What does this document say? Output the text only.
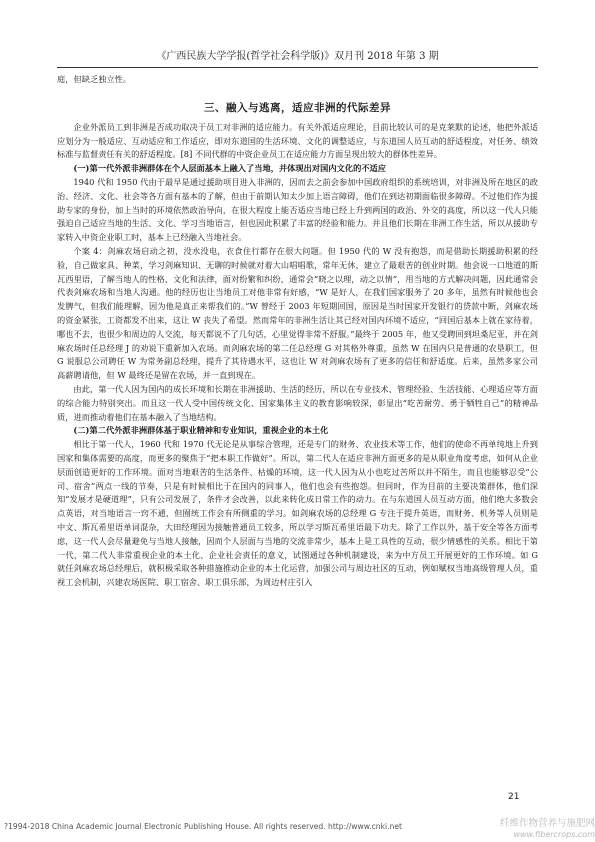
《广西民族大学学报(哲学社会科学版)》双月刊 2018 年第 3 期

庭，但缺乏独立性。

三、融入与逃离，适应非洲的代际差异

企业外派员工到非洲是否成功取决于员工对非洲的适应能力。有关外派适应理论，目前比较认可的是克莱默的论述，他把外派适应划分为一般适应、互动适应和工作适应，即对东道国的生活环境、文化的调整适应，与东道国人员互动的舒适程度，对任务、绩效标准与监督责任有关的舒适程度。[8] 不同代群的中资企业员工在适应能力方面呈现出较大的群体性差异。

(一)第一代外派非洲群体在个人层面基本上融入了当地，并体现出对国内文化的不适应

1940 代和 1950 代由于最早是通过援助项目进入非洲的，因而去之前会参加中国政府组织的系统培训，对非洲及所在地区的政治、经济、文化、社会等各方面有基本的了解，但由于前期认知太少加上语言障碍，他们在到达初期面临很多障碍。不过他们作为援助专家的身份，加上当时的环境依然政治导向，在很大程度上能否适应当地已经上升到两国的政治、外交的高度，所以这一代人只能强迫自己适应当地的生活、文化、学习当地语言，但也因此积累了丰富的经验和能力。并且他们长期在非洲工作生活，所以从援助专家转入中资企业职工时，基本上已经融入当地社会。

个案 4：剑麻农场启动之初，没水没电，衣食住行都存在很大问题。但 1950 代的 W 没有抱怨，而是借助长期援助积累的经验，自己做家具、种菜，学习剑麻知识、无聊的时候就对着大山唱唱歌，常年无休，建立了最艰苦的创业时期。他会说一口地道的斯瓦西里语，了解当地人的性格、文化和法律，面对纷繁和纠纷，通常会“晓之以理，动之以情”，用当地的方式解决问题，因此通常会代表剑麻农场和当地人沟通。他的经历也让当地员工对他非常有好感，“W 是好人，在我们国家服务了 20 多年，虽然有时候他也会发脾气，但我们能理解，因为他是真正来帮我们的。”W 曾经于 2003 年短期回国，原因是当时国家开发银行的贷款中断，剑麻农场的资金紧张，工资都发不出来，这让 W 丧失了希望。然而常年的非洲生活让其已经对国内环境不适应，“回国后基本上就在家待着，哪也不去，也很少和周边的人交流，每天都说不了几句话，心里觉得非常不舒服。”最终于 2005 年，他又受聘回到坦桑尼亚，并在剑麻农场时任总经理 J 的劝说下重新加入农场。而剑麻农场的第二任总经理 G 对其格外尊重，虽然 W 在国内只是普通的农垦职工，但 G 说服总公司聘任 W 为常务副总经理，提升了其待遇水平，这也让 W 对剑麻农场有了更多的信任和舒适度。后来，虽然多家公司高薪聘请他，但 W 最终还是留在农场，并一直到现在。

由此，第一代人因为国内的成长环境和长期在非洲援助、生活的经历，所以在专业技术、管理经验、生活技能、心理适应等方面的综合能力特别突出。而且这一代人受中国传统文化、国家集体主义的教育影响较深，彰显出“吃苦耐劳、勇于牺牲自己”的精神品质，进而推动着他们在基本融入了当地结构。

(二)第二代外派非洲群体基于职业精神和专业知识，重视企业的本土化

相比于第一代人，1960 代和 1970 代无论是从事综合管理，还是专门的财务、农业技术等工作，他们的使命不再单纯地上升到国家和集体需要的高度，而更多的聚焦于“把本职工作做好”。所以，第二代人在适应非洲方面更多的是从职业角度考虑，如何从企业层面创造更好的工作环境。面对当地艰苦的生活条件、枯燥的环境，这一代人因为从小也吃过苦所以并不陌生，而且也能够忍受“公司、宿舍”两点一线的节奏，只是有时候相比于在国内的同事人，他们也会有些抱怨。但同时，作为目前的主要决策群体，他们深知“发展才是硬道理”，只有公司发展了，条件才会改善，以此来转化成日常工作的动力。在与东道国人员互动方面，他们绝大多数会点英语，对当地语言一窍不通，但囿统工作会有所侧重的学习。如剑麻农场的总经理 G 专注于提升英语，而财务、机务等人员则是中文、斯瓦希里语单词混杂，大田经理因为接触普通员工较多，所以学习斯瓦希里语最下功夫。除了工作以外，基于安全等各方面考虑，这一代人会尽量避免与当地人接触，因而个人层面与当地的交流非常少，基本上是工具性的互动，很少情感性的关系。相比于第一代，第二代人非常重视企业的本土化、企业社会责任的意义，试图通过各种机制建设，来为中方员工开展更好的工作环境。如 G 就任剑麻农场总经理后，就积极采取各种措施推动企业的本土化运营，加强公司与周边社区的互动，例如赋权当地高级管理人员，重视工会机制，兴建农场医院、职工宿舍、职工俱乐部，为周边村庄引入

21
?1994-2018 China Academic Journal Electronic Publishing House. All rights reserved. http://www.cnki.net	纤维作物营养与施肥网
www.fibercrops.com
